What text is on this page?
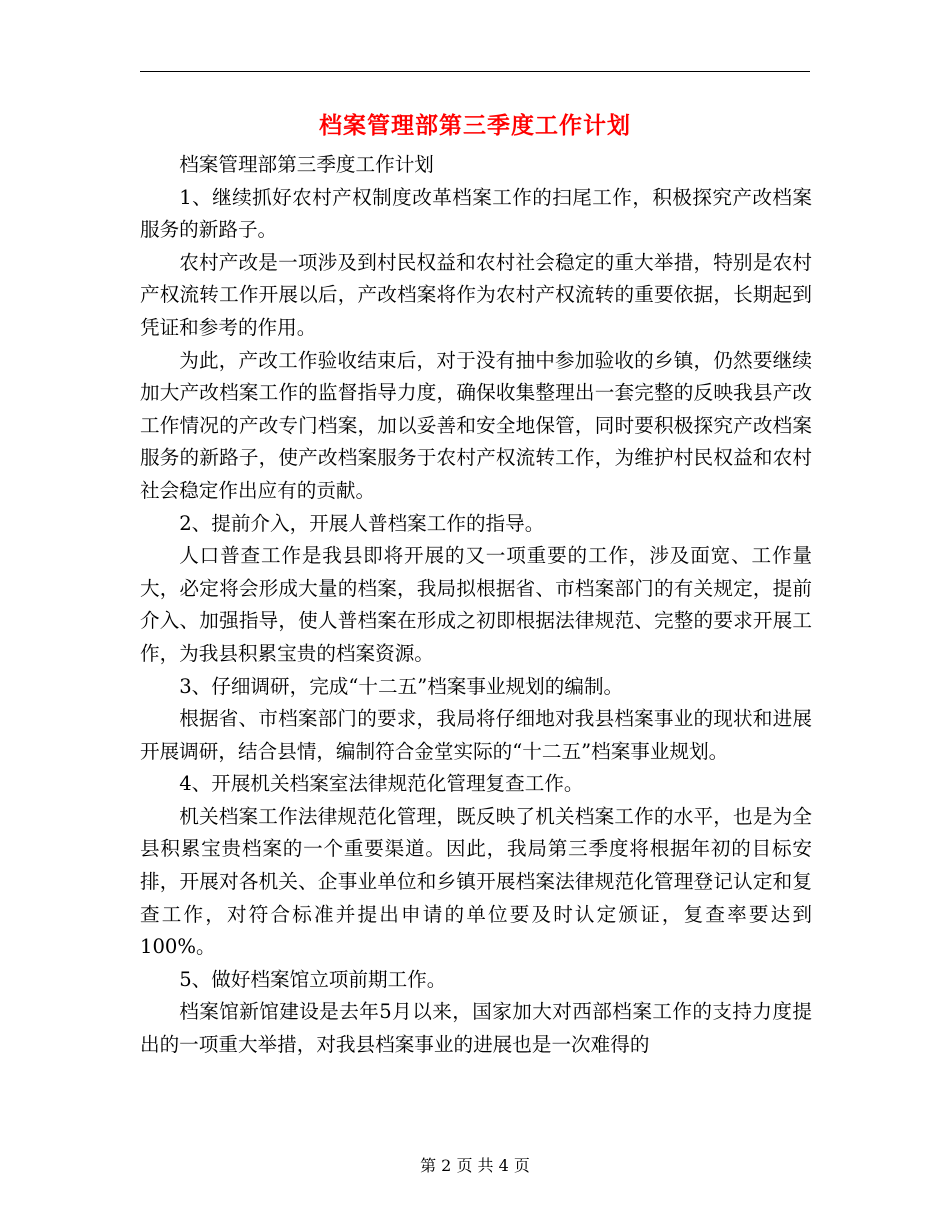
档案管理部第三季度工作计划

档案管理部第三季度工作计划

1、继续抓好农村产权制度改革档案工作的扫尾工作，积极探究产改档案服务的新路子。

农村产改是一项涉及到村民权益和农村社会稳定的重大举措，特别是农村产权流转工作开展以后，产改档案将作为农村产权流转的重要依据，长期起到凭证和参考的作用。

为此，产改工作验收结束后，对于没有抽中参加验收的乡镇，仍然要继续加大产改档案工作的监督指导力度，确保收集整理出一套完整的反映我县产改工作情况的产改专门档案，加以妥善和安全地保管，同时要积极探究产改档案服务的新路子，使产改档案服务于农村产权流转工作，为维护村民权益和农村社会稳定作出应有的贡献。

2、提前介入，开展人普档案工作的指导。

人口普查工作是我县即将开展的又一项重要的工作，涉及面宽、工作量大，必定将会形成大量的档案，我局拟根据省、市档案部门的有关规定，提前介入、加强指导，使人普档案在形成之初即根据法律规范、完整的要求开展工作，为我县积累宝贵的档案资源。

3、仔细调研，完成“十二五”档案事业规划的编制。

根据省、市档案部门的要求，我局将仔细地对我县档案事业的现状和进展开展调研，结合县情，编制符合金堂实际的“十二五”档案事业规划。

4、开展机关档案室法律规范化管理复查工作。

机关档案工作法律规范化管理，既反映了机关档案工作的水平，也是为全县积累宝贵档案的一个重要渠道。因此，我局第三季度将根据年初的目标安排，开展对各机关、企事业单位和乡镇开展档案法律规范化管理登记认定和复查工作，对符合标准并提出申请的单位要及时认定颁证，复查率要达到100%。

5、做好档案馆立项前期工作。

档案馆新馆建设是去年5月以来，国家加大对西部档案工作的支持力度提出的一项重大举措，对我县档案事业的进展也是一次难得的

第 2 页 共 4 页
